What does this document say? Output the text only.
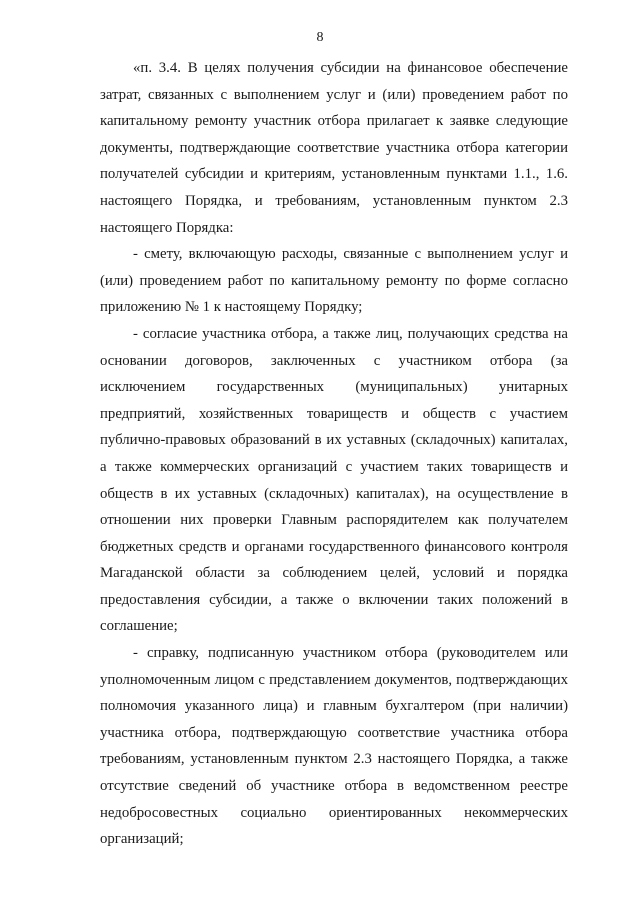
8

«п. 3.4. В целях получения субсидии на финансовое обеспечение затрат, связанных с выполнением услуг и (или) проведением работ по капитальному ремонту участник отбора прилагает к заявке следующие документы, подтверждающие соответствие участника отбора категории получателей субсидии и критериям, установленным пунктами 1.1., 1.6. настоящего Порядка, и требованиям, установленным пунктом 2.3 настоящего Порядка:

- смету, включающую расходы, связанные с выполнением услуг и (или) проведением работ по капитальному ремонту по форме согласно приложению № 1 к настоящему Порядку;

- согласие участника отбора, а также лиц, получающих средства на основании договоров, заключенных с участником отбора (за исключением государственных (муниципальных) унитарных предприятий, хозяйственных товариществ и обществ с участием публично-правовых образований в их уставных (складочных) капиталах, а также коммерческих организаций с участием таких товариществ и обществ в их уставных (складочных) капиталах), на осуществление в отношении них проверки Главным распорядителем как получателем бюджетных средств и органами государственного финансового контроля Магаданской области за соблюдением целей, условий и порядка предоставления субсидии, а также о включении таких положений в соглашение;

- справку, подписанную участником отбора (руководителем или уполномоченным лицом с представлением документов, подтверждающих полномочия указанного лица) и главным бухгалтером (при наличии) участника отбора, подтверждающую соответствие участника отбора требованиям, установленным пунктом 2.3 настоящего Порядка, а также отсутствие сведений об участнике отбора в ведомственном реестре недобросовестных социально ориентированных некоммерческих организаций;
